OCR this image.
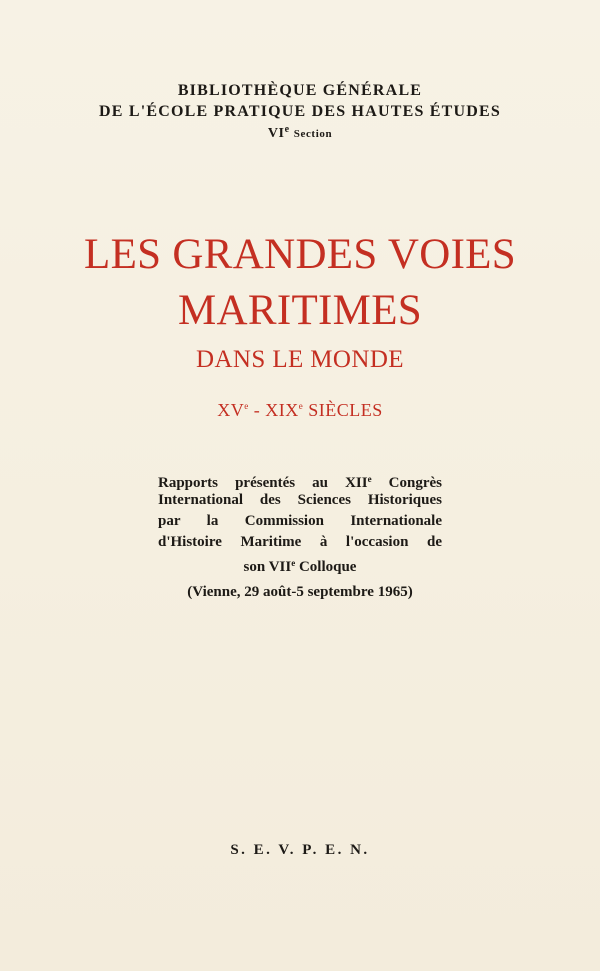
BIBLIOTHÈQUE GÉNÉRALE
DE L'ÉCOLE PRATIQUE DES HAUTES ÉTUDES
VIe Section
LES GRANDES VOIES
MARITIMES
DANS LE MONDE
XVe - XIXe SIÈCLES
Rapports présentés au XIIe Congrès
International des Sciences Historiques
par la Commission Internationale
d'Histoire Maritime à l'occasion de
son VIIe Colloque
(Vienne, 29 août-5 septembre 1965)
S. E. V. P. E. N.
